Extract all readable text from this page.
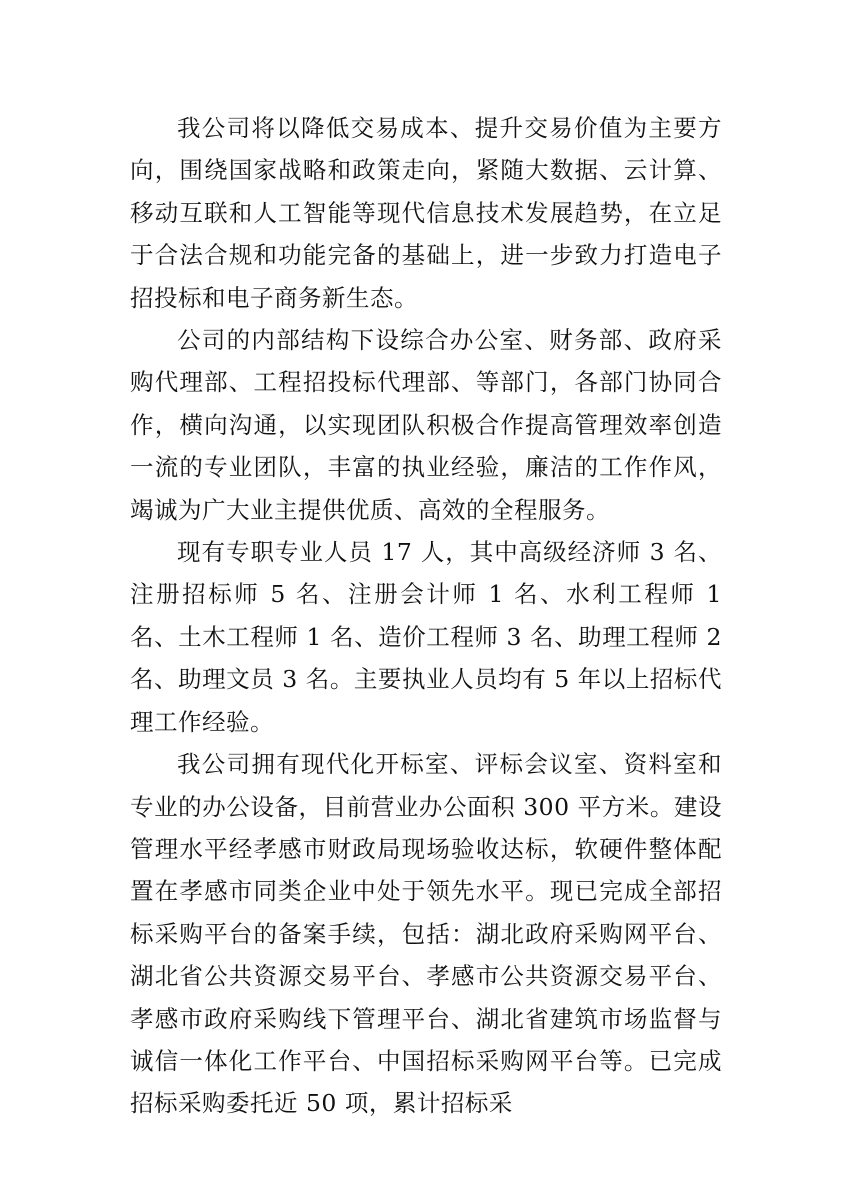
我公司将以降低交易成本、提升交易价值为主要方向，围绕国家战略和政策走向，紧随大数据、云计算、移动互联和人工智能等现代信息技术发展趋势，在立足于合法合规和功能完备的基础上，进一步致力打造电子招投标和电子商务新生态。

公司的内部结构下设综合办公室、财务部、政府采购代理部、工程招投标代理部、等部门，各部门协同合作，横向沟通，以实现团队积极合作提高管理效率创造一流的专业团队，丰富的执业经验，廉洁的工作作风，竭诚为广大业主提供优质、高效的全程服务。

现有专职专业人员 17 人，其中高级经济师 3 名、注册招标师 5 名、注册会计师 1 名、水利工程师 1 名、土木工程师 1 名、造价工程师 3 名、助理工程师 2 名、助理文员 3 名。主要执业人员均有 5 年以上招标代理工作经验。

我公司拥有现代化开标室、评标会议室、资料室和专业的办公设备，目前营业办公面积 300 平方米。建设管理水平经孝感市财政局现场验收达标，软硬件整体配置在孝感市同类企业中处于领先水平。现已完成全部招标采购平台的备案手续，包括：湖北政府采购网平台、湖北省公共资源交易平台、孝感市公共资源交易平台、孝感市政府采购线下管理平台、湖北省建筑市场监督与诚信一体化工作平台、中国招标采购网平台等。已完成招标采购委托近 50 项，累计招标采
